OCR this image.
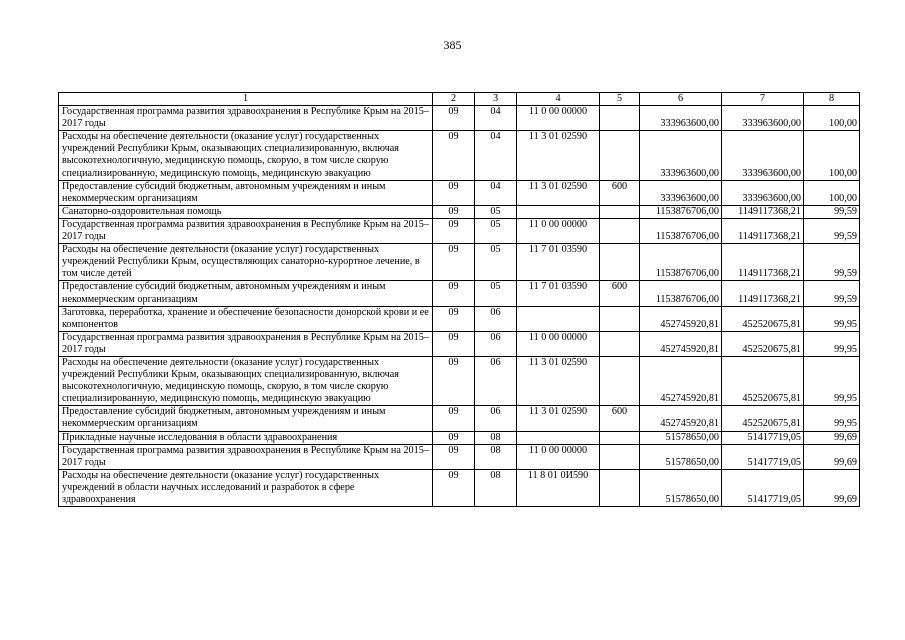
385
1	2	3	4	5	6	7	8
Государственная программа развития здравоохранения в Республике Крым на 2015–2017 годы	09	04	11 0 00 00000		333963600,00	333963600,00	100,00
Расходы на обеспечение деятельности (оказание услуг) государственных учреждений Республики Крым, оказывающих специализированную, включая высокотехнологичную, медицинскую помощь, скорую, в том числе скорую специализированную, медицинскую помощь, медицинскую эвакуацию	09	04	11 3 01 02590		333963600,00	333963600,00	100,00
Предоставление субсидий бюджетным, автономным учреждениям и иным некоммерческим организациям	09	04	11 3 01 02590	600	333963600,00	333963600,00	100,00
Санаторно-оздоровительная помощь	09	05			1153876706,00	1149117368,21	99,59
Государственная программа развития здравоохранения в Республике Крым на 2015–2017 годы	09	05	11 0 00 00000		1153876706,00	1149117368,21	99,59
Расходы на обеспечение деятельности (оказание услуг) государственных учреждений Республики Крым, осуществляющих санаторно-курортное лечение, в том числе детей	09	05	11 7 01 03590		1153876706,00	1149117368,21	99,59
Предоставление субсидий бюджетным, автономным учреждениям и иным некоммерческим организациям	09	05	11 7 01 03590	600	1153876706,00	1149117368,21	99,59
Заготовка, переработка, хранение и обеспечение безопасности донорской крови и ее компонентов	09	06			452745920,81	452520675,81	99,95
Государственная программа развития здравоохранения в Республике Крым на 2015–2017 годы	09	06	11 0 00 00000		452745920,81	452520675,81	99,95
Расходы на обеспечение деятельности (оказание услуг) государственных учреждений Республики Крым, оказывающих специализированную, включая высокотехнологичную, медицинскую помощь, скорую, в том числе скорую специализированную, медицинскую помощь, медицинскую эвакуацию	09	06	11 3 01 02590		452745920,81	452520675,81	99,95
Предоставление субсидий бюджетным, автономным учреждениям и иным некоммерческим организациям	09	06	11 3 01 02590	600	452745920,81	452520675,81	99,95
Прикладные научные исследования в области здравоохранения	09	08			51578650,00	51417719,05	99,69
Государственная программа развития здравоохранения в Республике Крым на 2015–2017 годы	09	08	11 0 00 00000		51578650,00	51417719,05	99,69
Расходы на обеспечение деятельности (оказание услуг) государственных учреждений в области научных исследований и разработок в сфере здравоохранения	09	08	11 8 01 0И590		51578650,00	51417719,05	99,69
